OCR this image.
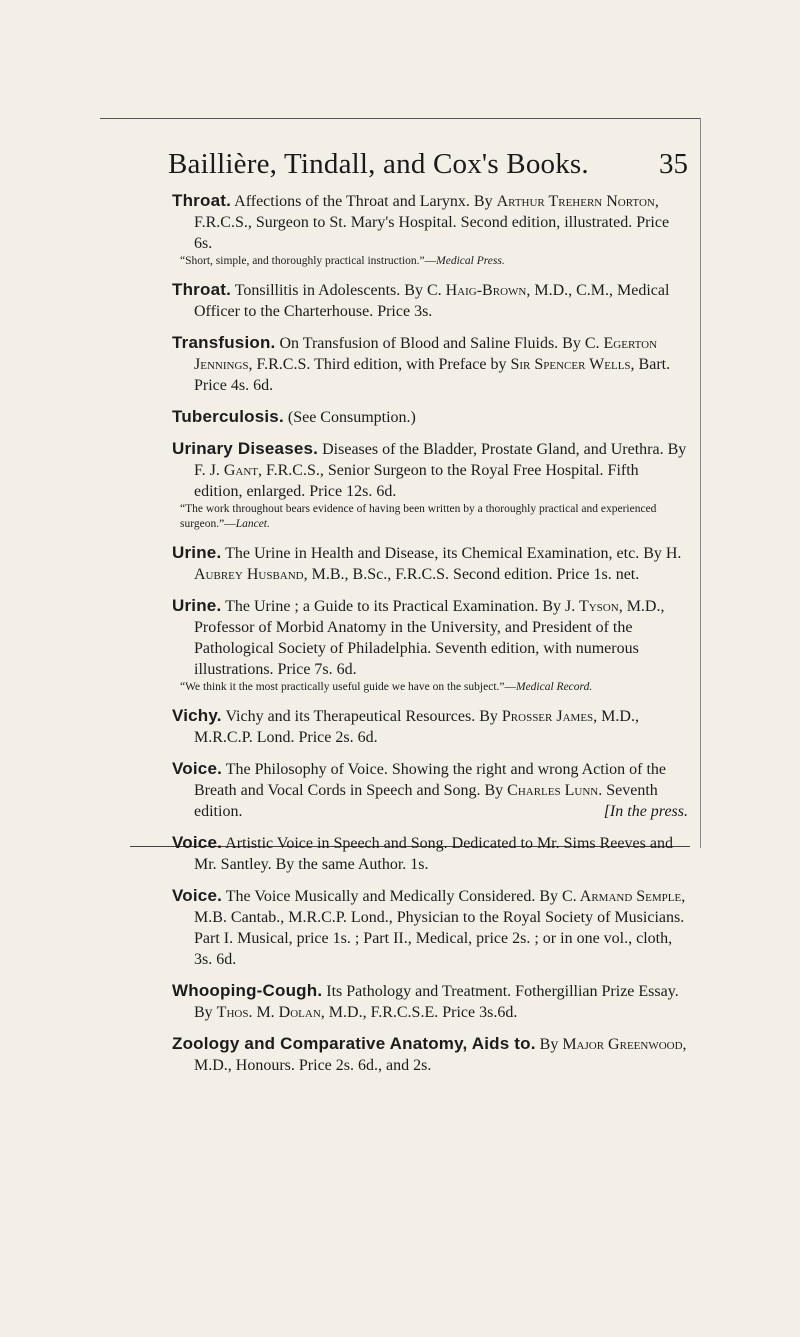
Baillière, Tindall, and Cox's Books. 35

Throat. Affections of the Throat and Larynx. By Arthur Trehern Norton, F.R.C.S., Surgeon to St. Mary's Hospital. Second edition, illustrated. Price 6s.
“Short, simple, and thoroughly practical instruction.”—Medical Press.

Throat. Tonsillitis in Adolescents. By C. Haig-Brown, M.D., C.M., Medical Officer to the Charterhouse. Price 3s.

Transfusion. On Transfusion of Blood and Saline Fluids. By C. Egerton Jennings, F.R.C.S. Third edition, with Preface by Sir Spencer Wells, Bart. Price 4s. 6d.

Tuberculosis. (See Consumption.)

Urinary Diseases. Diseases of the Bladder, Prostate Gland, and Urethra. By F. J. Gant, F.R.C.S., Senior Surgeon to the Royal Free Hospital. Fifth edition, enlarged. Price 12s. 6d.
“The work throughout bears evidence of having been written by a thoroughly practical and experienced surgeon.”—Lancet.

Urine. The Urine in Health and Disease, its Chemical Examination, etc. By H. Aubrey Husband, M.B., B.Sc., F.R.C.S. Second edition. Price 1s. net.

Urine. The Urine ; a Guide to its Practical Examination. By J. Tyson, M.D., Professor of Morbid Anatomy in the University, and President of the Pathological Society of Philadelphia. Seventh edition, with numerous illustrations. Price 7s. 6d.
“We think it the most practically useful guide we have on the subject.”—Medical Record.

Vichy. Vichy and its Therapeutical Resources. By Prosser James, M.D., M.R.C.P. Lond. Price 2s. 6d.

Voice. The Philosophy of Voice. Showing the right and wrong Action of the Breath and Vocal Cords in Speech and Song. By Charles Lunn. Seventh edition.	[In the press.

Voice. Artistic Voice in Speech and Song. Dedicated to Mr. Sims Reeves and Mr. Santley. By the same Author. 1s.

Voice. The Voice Musically and Medically Considered. By C. Armand Semple, M.B. Cantab., M.R.C.P. Lond., Physician to the Royal Society of Musicians. Part I. Musical, price 1s. ; Part II., Medical, price 2s. ; or in one vol., cloth, 3s. 6d.

Whooping-Cough. Its Pathology and Treatment. Fothergillian Prize Essay. By Thos. M. Dolan, M.D., F.R.C.S.E. Price 3s.6d.

Zoology and Comparative Anatomy, Aids to. By Major Greenwood, M.D., Honours. Price 2s. 6d., and 2s.
